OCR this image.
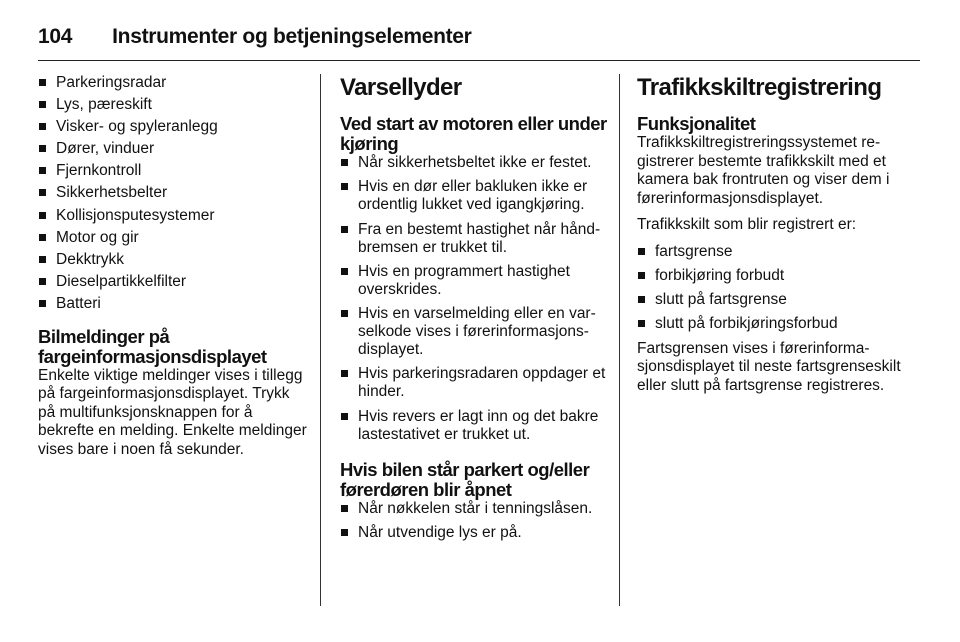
104 Instrumenter og betjeningselementer
Parkeringsradar
Lys, pæreskift
Visker- og spyleranlegg
Dører, vinduer
Fjernkontroll
Sikkerhetsbelter
Kollisjonsputesystemer
Motor og gir
Dekktrykk
Dieselpartikkelfilter
Batteri
Bilmeldinger på
fargeinformasjonsdisplayet

Enkelte viktige meldinger vises i tillegg på fargeinformasjonsdisplayet. Trykk på multifunksjonsknappen for å bekrefte en melding. Enkelte meldinger vises bare i noen få sekunder.

Varsellyder
Ved start av motoren eller under kjøring
Når sikkerhetsbeltet ikke er festet.
Hvis en dør eller bakluken ikke er ordentlig lukket ved igangkjøring.
Fra en bestemt hastighet når håndbremsen er trukket til.
Hvis en programmert hastighet overskrides.
Hvis en varselmelding eller en varselkode vises i førerinformasjonsdisplayet.
Hvis parkeringsradaren oppdager et hinder.
Hvis revers er lagt inn og det bakre lastestativet er trukket ut.
Hvis bilen står parkert og/eller førerdøren blir åpnet
Når nøkkelen står i tenningslåsen.
Når utvendige lys er på.
Trafikkskiltregistrering
Funksjonalitet

Trafikkskiltregistreringssystemet registrerer bestemte trafikkskilt med et kamera bak frontruten og viser dem i førerinformasjonsdisplayet.

Trafikkskilt som blir registrert er:

fartsgrense
forbikjøring forbudt
slutt på fartsgrense
slutt på forbikjøringsforbud

Fartsgrensen vises i førerinformasjonsdisplayet til neste fartsgrenseskilt eller slutt på fartsgrense registreres.
